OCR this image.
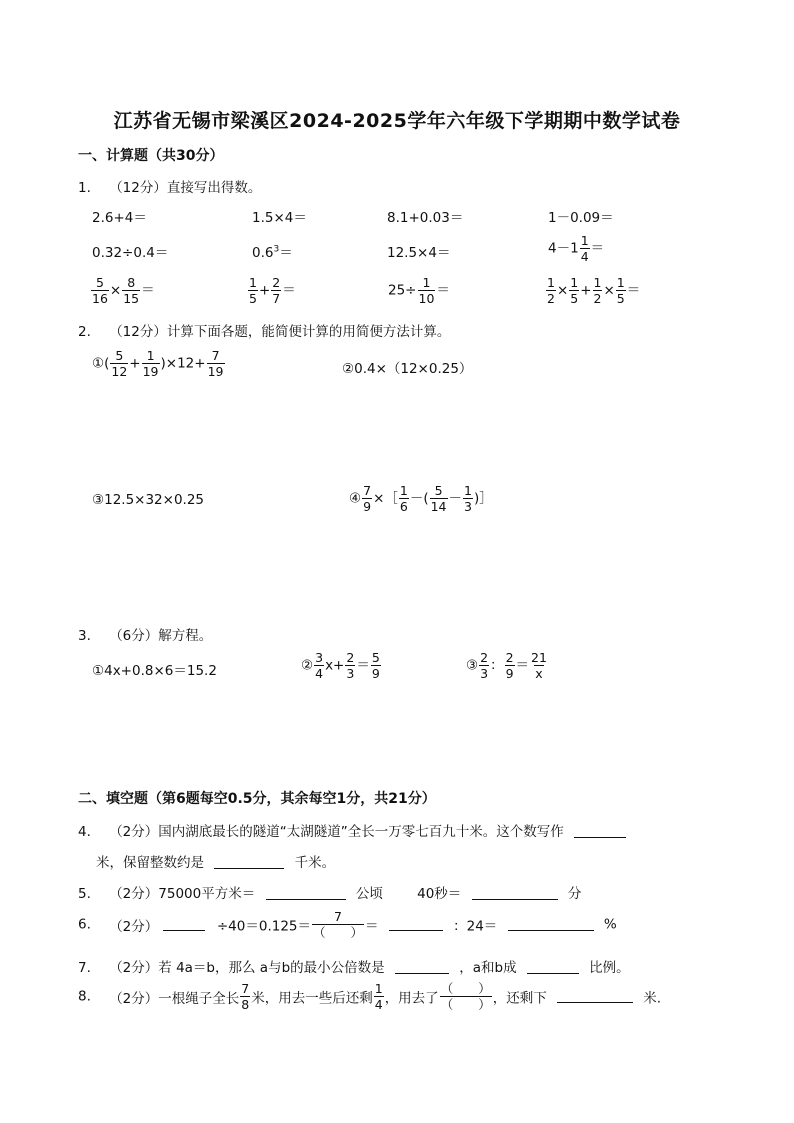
江苏省无锡市梁溪区2024-2025学年六年级下学期期中数学试卷
一、计算题（共30分）
1. （12分）直接写出得数。
2.6+4＝	1.5×4＝	8.1+0.03＝	1－0.09＝
0.32÷0.4＝	$0.6^3=$	12.5×4＝	$4-1 \frac{1}{4}$ ＝
$\frac{5}{16} \times \frac{8}{15}$ ＝	$\frac{1}{5} + \frac{2}{7}$ ＝	$25\div \frac{1}{10}$ ＝	$\frac{1}{2} \times \frac{1}{5} + \frac{1}{2} \times \frac{1}{5}$ ＝
2. （12分）计算下面各题，能简便计算的用简便方法计算。
①( $\frac{5}{12} + \frac{1}{19} )\times 12+ \frac{7}{19}$	②0.4×（12×0.25）
③12.5×32×0.25	④ $\frac{7}{9}$ ×［ $\frac{1}{6}$ －( $\frac{5}{14} - \frac{1}{3}$ )］
3. （6分）解方程。
①4x+0.8×6＝15.2	② $\frac{3}{4} x+ \frac{2}{3} = \frac{5}{9}$	③ $\frac{2}{3}$ ： $\frac{2}{9} = \frac{21}{x}$
二、填空题（第6题每空0.5分，其余每空1分，共21分）
4. （2分）国内湖底最长的隧道“太湖隧道”全长一万零七百九十米。这个数写作
米，保留整数约是	千米。
5. （2分）75000平方米＝	公顷	40秒＝	分
6. （2分）	$\div 40=0.125= \frac{7}{( )}$ ＝	：24＝	%
7. （2分）若 4a＝b，那么 a与b的最小公倍数是	，a和b成	比例。
8. （2分）一根绳子全长 $\frac{7}{8}$ 米，用去一些后还剩 $\frac{1}{4}$ ，用去了 $\frac{( )}{( )}$ ，还剩下	米.
